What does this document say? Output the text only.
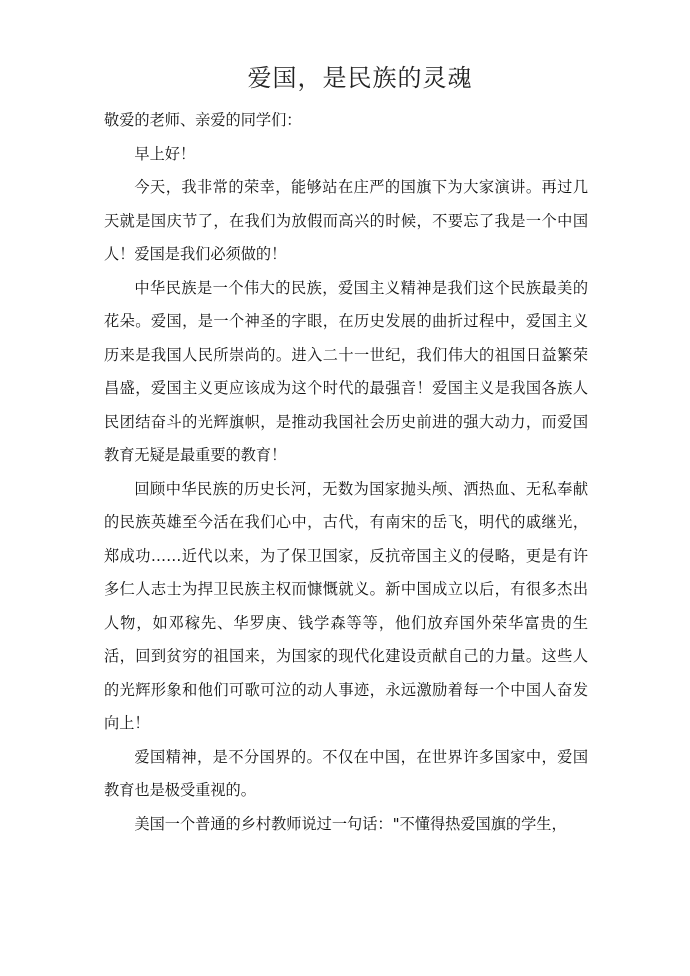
爱国，是民族的灵魂

敬爱的老师、亲爱的同学们：

早上好！

今天，我非常的荣幸，能够站在庄严的国旗下为大家演讲。再过几天就是国庆节了，在我们为放假而高兴的时候，不要忘了我是一个中国人！爱国是我们必须做的！

中华民族是一个伟大的民族，爱国主义精神是我们这个民族最美的花朵。爱国，是一个神圣的字眼，在历史发展的曲折过程中，爱国主义历来是我国人民所崇尚的。进入二十一世纪，我们伟大的祖国日益繁荣昌盛，爱国主义更应该成为这个时代的最强音！爱国主义是我国各族人民团结奋斗的光辉旗帜，是推动我国社会历史前进的强大动力，而爱国教育无疑是最重要的教育！

回顾中华民族的历史长河，无数为国家抛头颅、洒热血、无私奉献的民族英雄至今活在我们心中，古代，有南宋的岳飞，明代的戚继光，郑成功……近代以来，为了保卫国家，反抗帝国主义的侵略，更是有许多仁人志士为捍卫民族主权而慷慨就义。新中国成立以后，有很多杰出人物，如邓稼先、华罗庚、钱学森等等，他们放弃国外荣华富贵的生活，回到贫穷的祖国来，为国家的现代化建设贡献自己的力量。这些人的光辉形象和他们可歌可泣的动人事迹，永远激励着每一个中国人奋发向上！

爱国精神，是不分国界的。不仅在中国，在世界许多国家中，爱国教育也是极受重视的。

美国一个普通的乡村教师说过一句话："不懂得热爱国旗的学生，
